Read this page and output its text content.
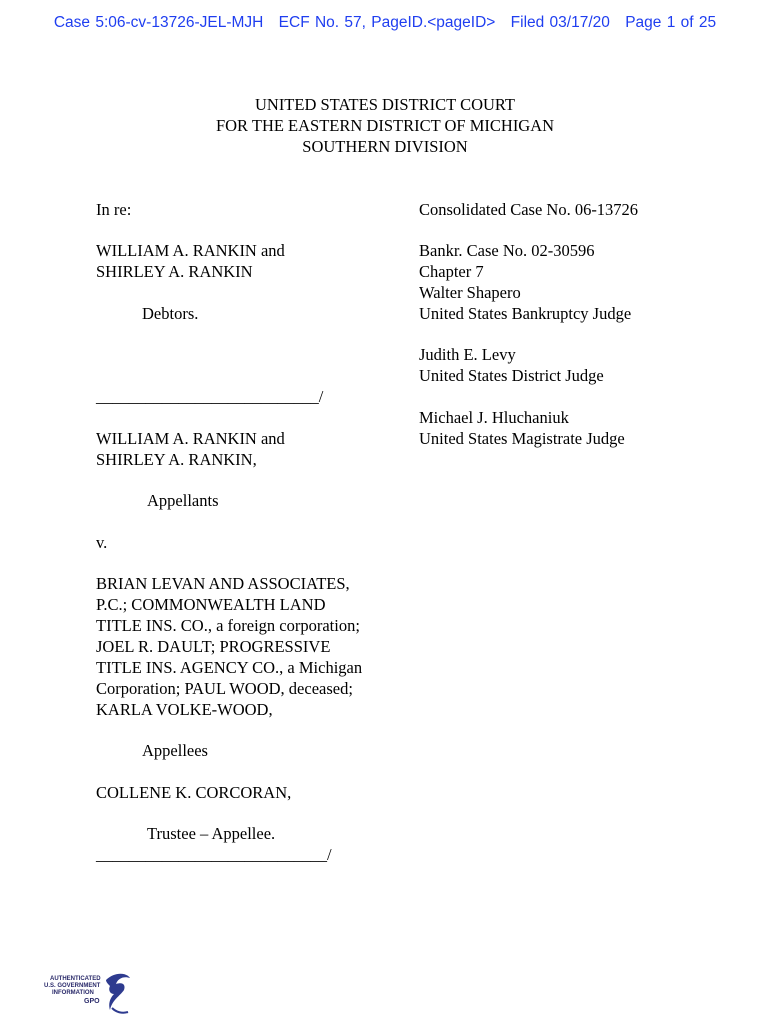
Case 5:06-cv-13726-JEL-MJH ECF No. 57, PageID.<pageID> Filed 03/17/20 Page 1 of 25
UNITED STATES DISTRICT COURT
FOR THE EASTERN DISTRICT OF MICHIGAN
SOUTHERN DIVISION
In re:
WILLIAM A. RANKIN and
SHIRLEY A. RANKIN
Debtors.
___________________________/
WILLIAM A. RANKIN and
SHIRLEY A. RANKIN,
Appellants
v.
BRIAN LEVAN AND ASSOCIATES,
P.C.; COMMONWEALTH LAND
TITLE INS. CO., a foreign corporation;
JOEL R. DAULT; PROGRESSIVE
TITLE INS. AGENCY CO., a Michigan
Corporation; PAUL WOOD, deceased;
KARLA VOLKE-WOOD,
Appellees
COLLENE K. CORCORAN,
Trustee – Appellee.
____________________________/
Consolidated Case No. 06-13726
Bankr. Case No. 02-30596
Chapter 7
Walter Shapero
United States Bankruptcy Judge
Judith E. Levy
United States District Judge
Michael J. Hluchaniuk
United States Magistrate Judge
AUTHENTICATED
U.S. GOVERNMENT
INFORMATION
GPO
